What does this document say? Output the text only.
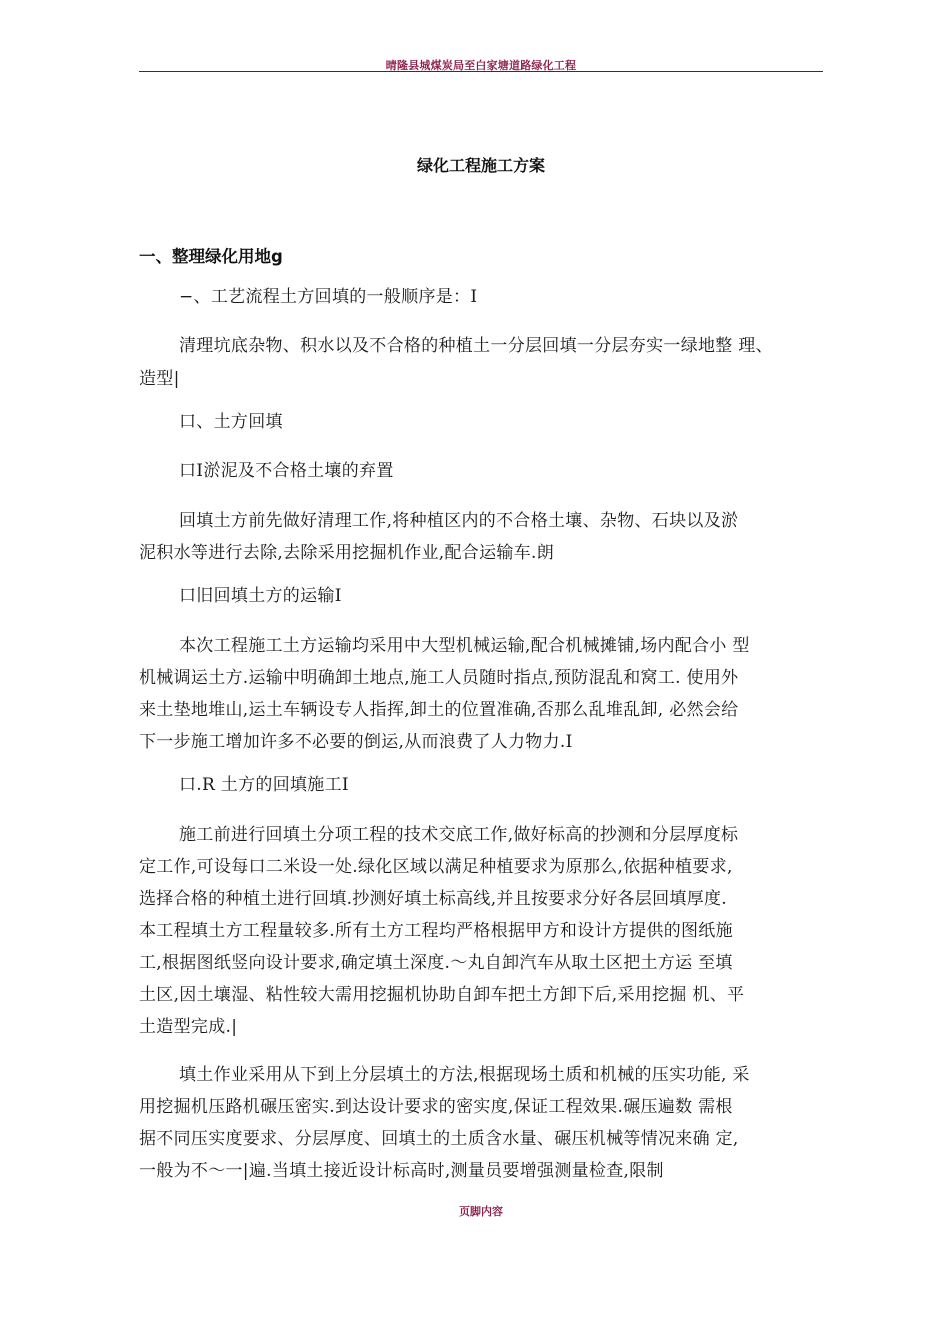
晴隆县城煤炭局至白家塘道路绿化工程
绿化工程施工方案
一、整理绿化用地g
−、工艺流程土方回填的一般顺序是：I
清理坑底杂物、积水以及不合格的种植土一分层回填一分层夯实一绿地整 理、
造型|
口、土方回填
口I淤泥及不合格土壤的弃置
回填土方前先做好清理工作,将种植区内的不合格土壤、杂物、石块以及淤
泥积水等进行去除,去除采用挖掘机作业,配合运输车.朗
口旧回填土方的运输I
本次工程施工土方运输均采用中大型机械运输,配合机械摊铺,场内配合小 型
机械调运土方.运输中明确卸土地点,施工人员随时指点,预防混乱和窝工. 使用外
来土垫地堆山,运土车辆设专人指挥,卸土的位置准确,否那么乱堆乱卸, 必然会给
下一步施工增加许多不必要的倒运,从而浪费了人力物力.I
口.R 土方的回填施工I
施工前进行回填土分项工程的技术交底工作,做好标高的抄测和分层厚度标
定工作,可设每口二米设一处.绿化区域以满足种植要求为原那么,依据种植要求,
选择合格的种植土进行回填.抄测好填土标高线,并且按要求分好各层回填厚度.
本工程填土方工程量较多.所有土方工程均严格根据甲方和设计方提供的图纸施
工,根据图纸竖向设计要求,确定填土深度.〜丸自卸汽车从取土区把土方运 至填
土区,因土壤湿、粘性较大需用挖掘机协助自卸车把土方卸下后,采用挖掘 机、平
土造型完成.|
填土作业采用从下到上分层填土的方法,根据现场土质和机械的压实功能, 采
用挖掘机压路机碾压密实.到达设计要求的密实度,保证工程效果.碾压遍数 需根
据不同压实度要求、分层厚度、回填土的土质含水量、碾压机械等情况来确 定,
一般为不〜一|遍.当填土接近设计标高时,测量员要增强测量检查,限制
页脚内容
